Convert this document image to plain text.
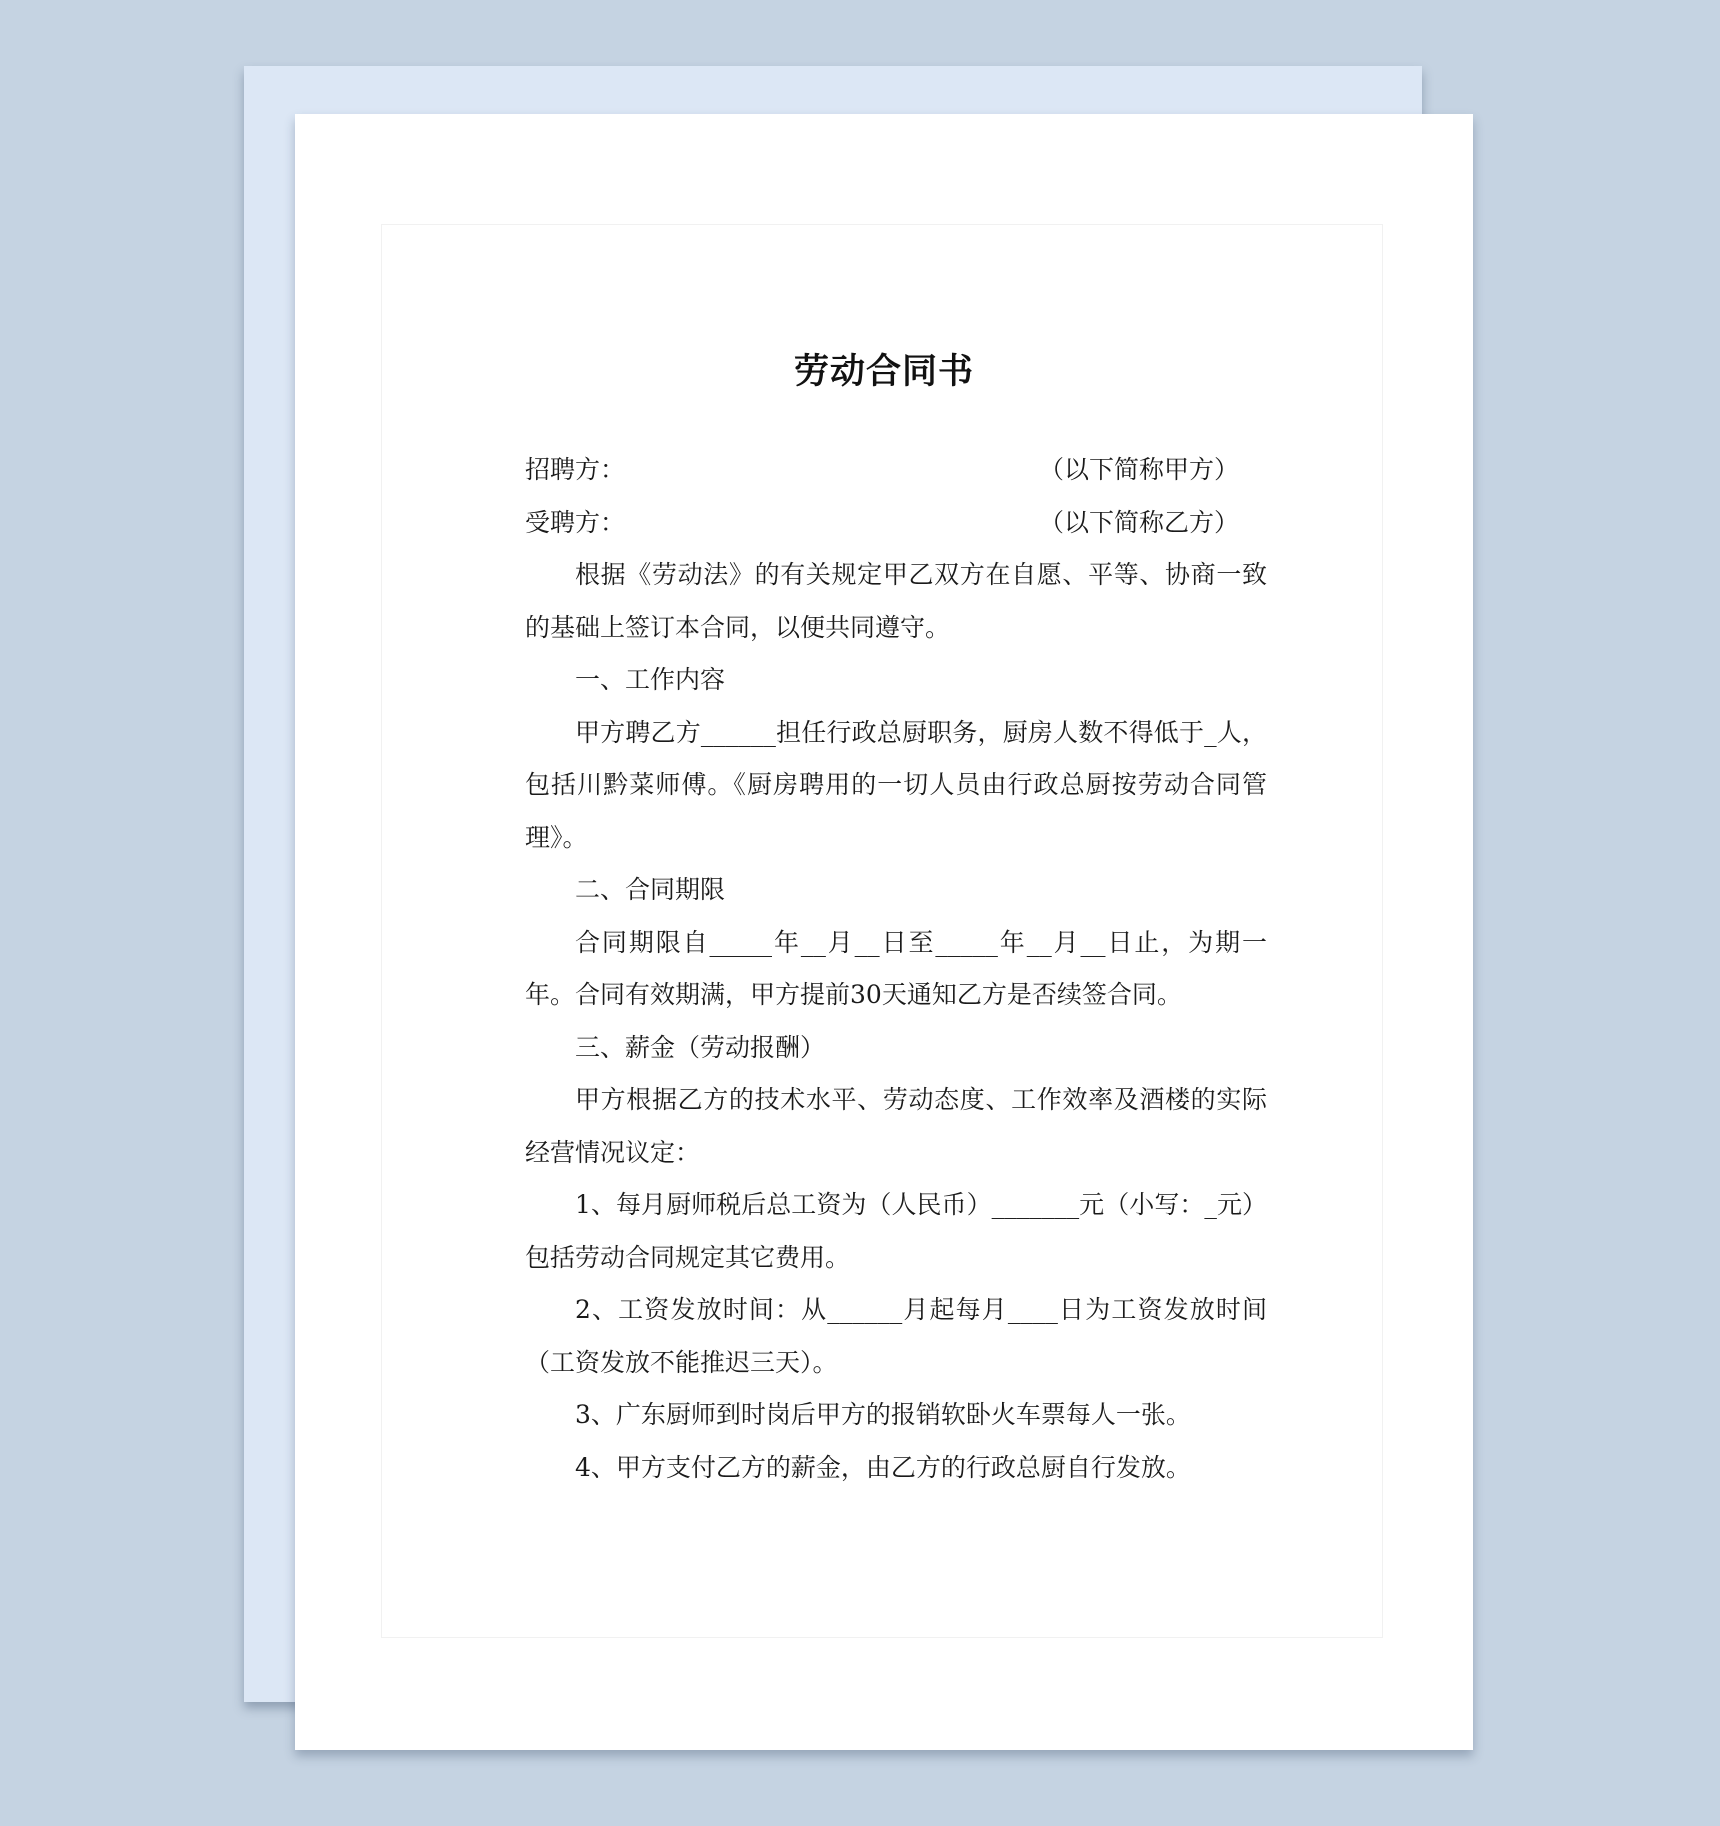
劳动合同书
招聘方：	（以下简称甲方）
受聘方：	（以下简称乙方）
根据《劳动法》的有关规定甲乙双方在自愿、平等、协商一致的基础上签订本合同，以便共同遵守。
一、工作内容
甲方聘乙方______担任行政总厨职务，厨房人数不得低于_人，包括川黔菜师傅。《厨房聘用的一切人员由行政总厨按劳动合同管理》。
二、合同期限
合同期限自_____年__月__日至_____年__月__日止，为期一年。合同有效期满，甲方提前30天通知乙方是否续签合同。
三、薪金（劳动报酬）
甲方根据乙方的技术水平、劳动态度、工作效率及酒楼的实际经营情况议定：
1、每月厨师税后总工资为（人民币）_______元（小写：_元）包括劳动合同规定其它费用。
2、工资发放时间：从______月起每月____日为工资发放时间（工资发放不能推迟三天）。
3、广东厨师到时岗后甲方的报销软卧火车票每人一张。
4、甲方支付乙方的薪金，由乙方的行政总厨自行发放。
